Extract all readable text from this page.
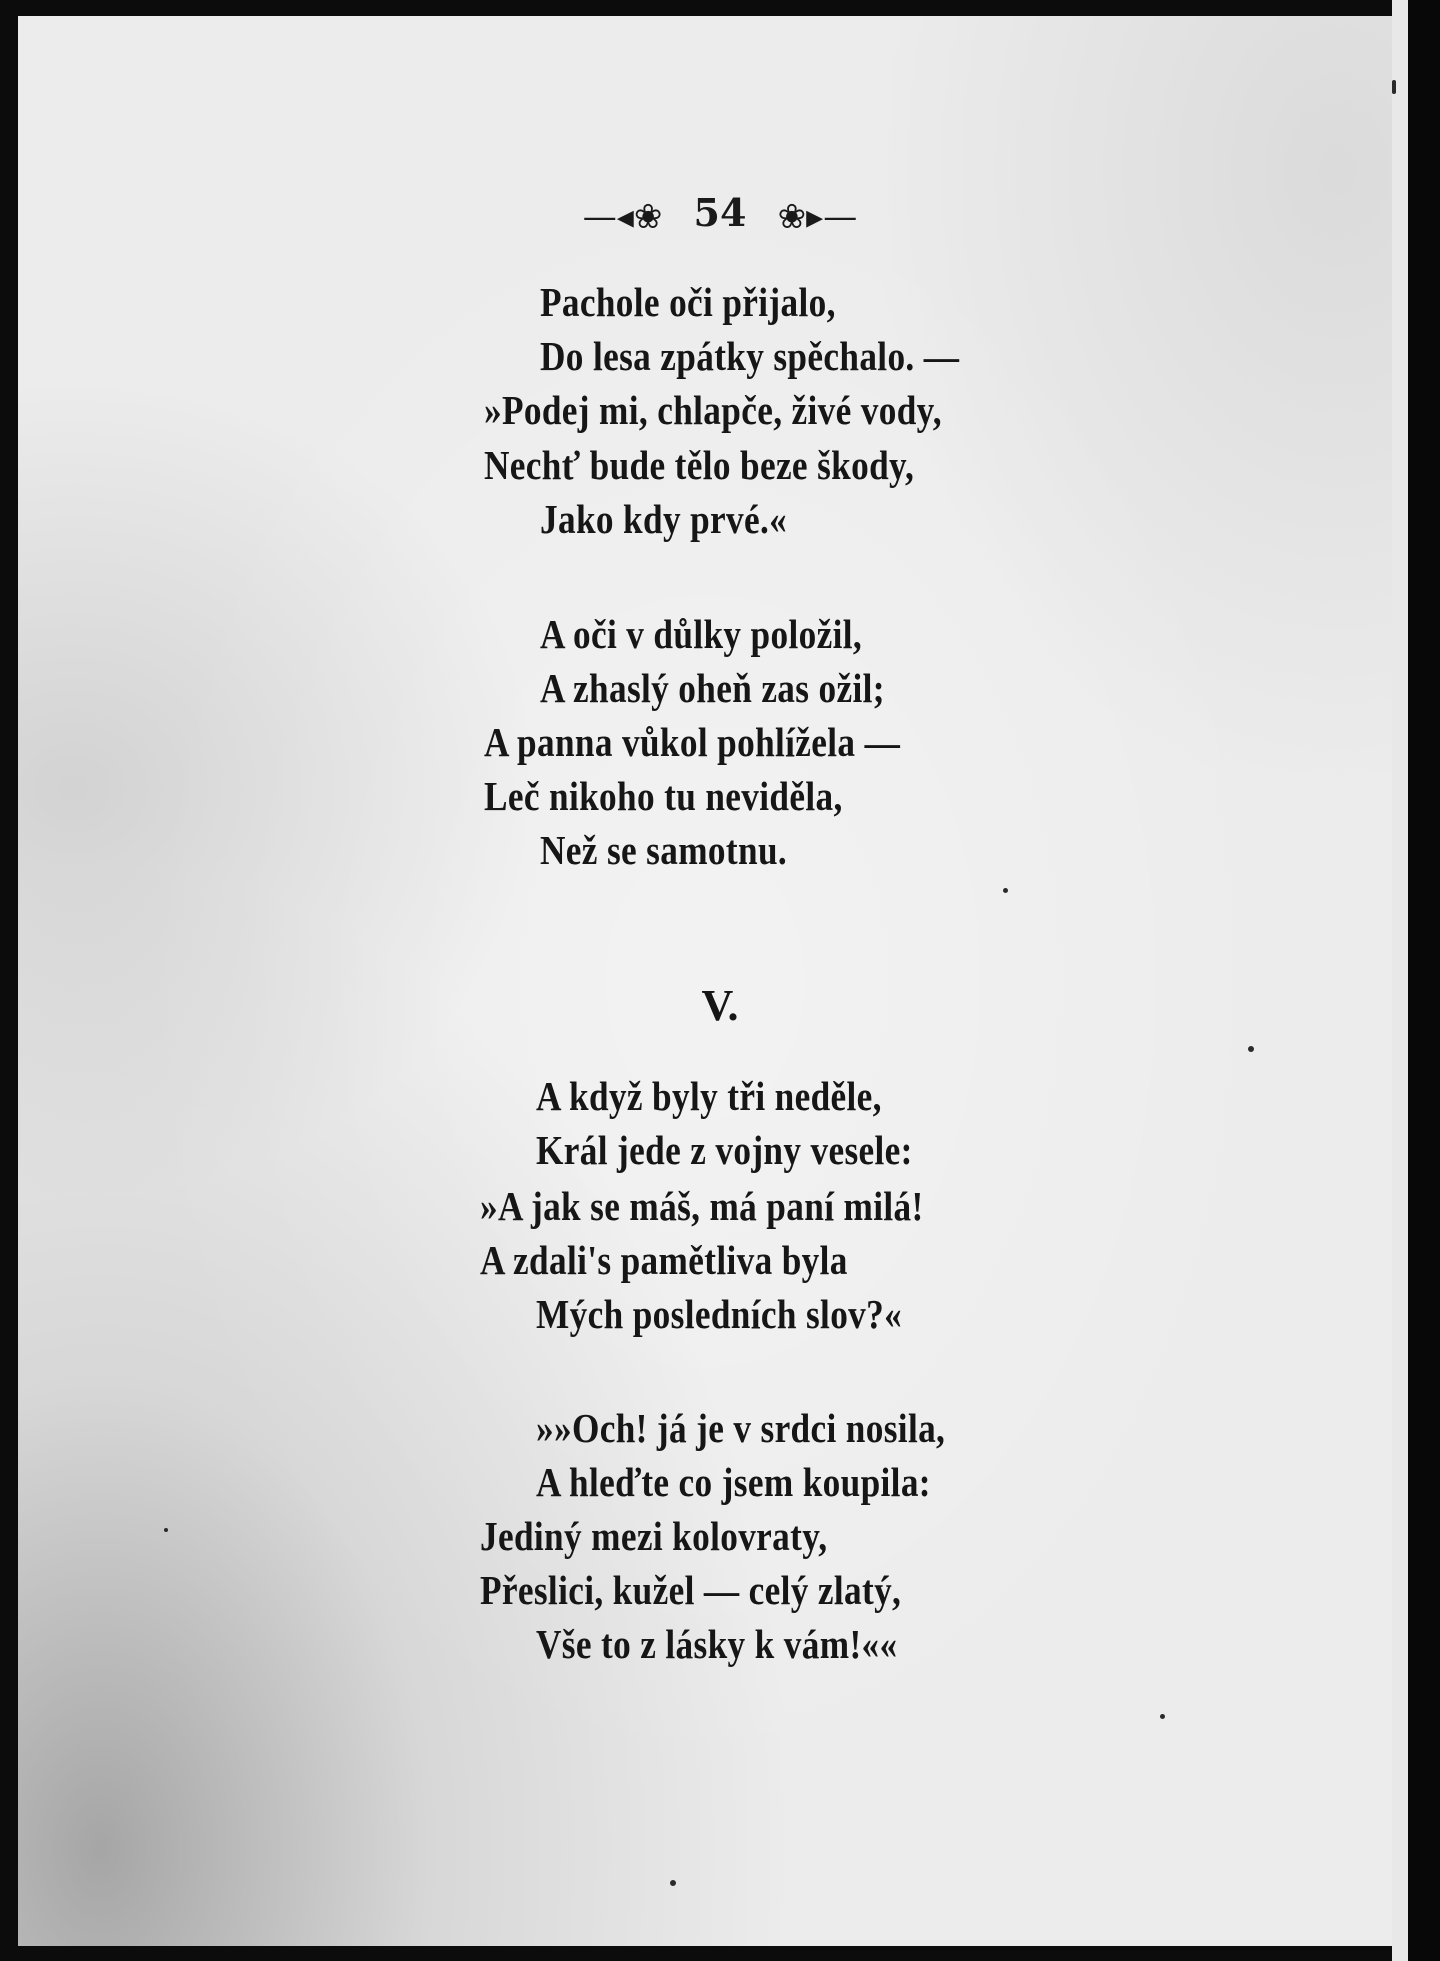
—◂❀ 54 ❀▸—
Pachole oči přijalo,
Do lesa zpátky spěchalo. —
»Podej mi, chlapče, živé vody,
Nechť bude tělo beze škody,
Jako kdy prvé.«
A oči v důlky položil,
A zhaslý oheň zas ožil;
A panna vůkol pohlížela —
Leč nikoho tu neviděla,
Než se samotnu.
V.
A když byly tři neděle,
Král jede z vojny vesele:
»A jak se máš, má paní milá!
A zdali's pamětliva byla
Mých posledních slov?«
»»Och! já je v srdci nosila,
A hleďte co jsem koupila:
Jediný mezi kolovraty,
Přeslici, kužel — celý zlatý,
Vše to z lásky k vám!««
